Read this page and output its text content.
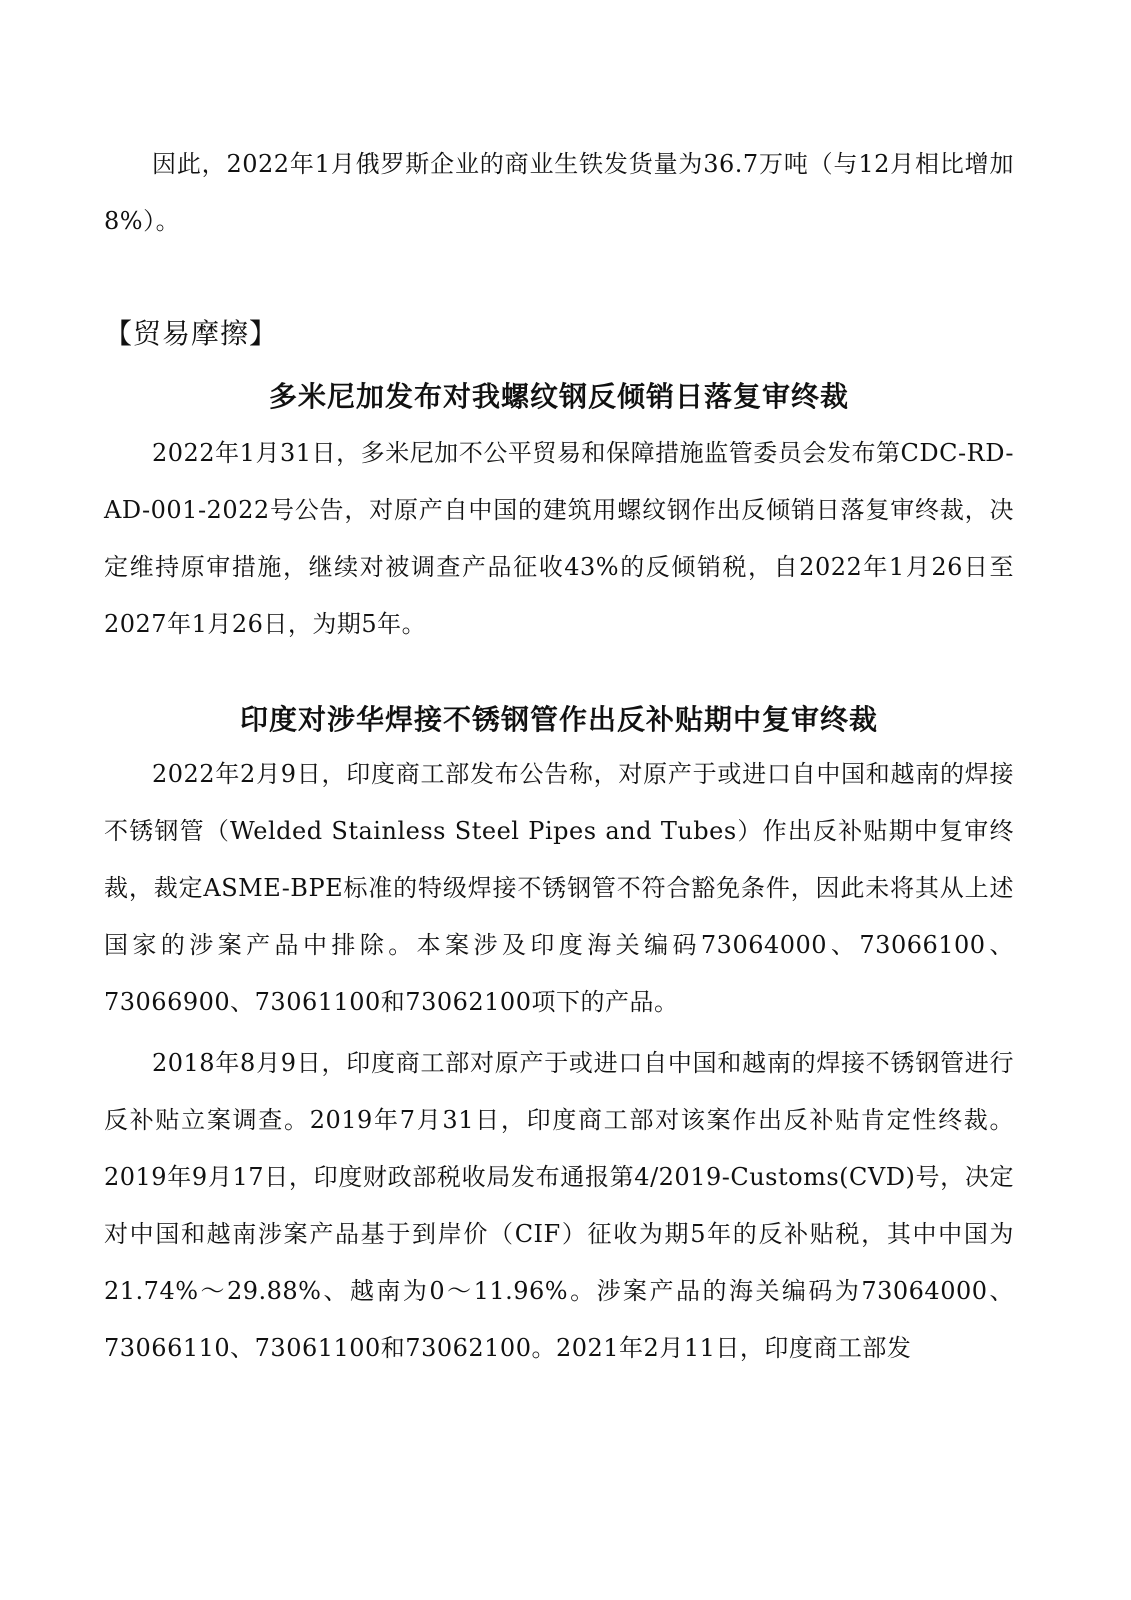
因此，2022年1月俄罗斯企业的商业生铁发货量为36.7万吨（与12月相比增加8%）。

【贸易摩擦】

多米尼加发布对我螺纹钢反倾销日落复审终裁

2022年1月31日，多米尼加不公平贸易和保障措施监管委员会发布第CDC-RD-AD-001-2022号公告，对原产自中国的建筑用螺纹钢作出反倾销日落复审终裁，决定维持原审措施，继续对被调查产品征收43%的反倾销税，自2022年1月26日至2027年1月26日，为期5年。

印度对涉华焊接不锈钢管作出反补贴期中复审终裁

2022年2月9日，印度商工部发布公告称，对原产于或进口自中国和越南的焊接不锈钢管（Welded Stainless Steel Pipes and Tubes）作出反补贴期中复审终裁，裁定ASME-BPE标准的特级焊接不锈钢管不符合豁免条件，因此未将其从上述国家的涉案产品中排除。本案涉及印度海关编码73064000、73066100、73066900、73061100和73062100项下的产品。

2018年8月9日，印度商工部对原产于或进口自中国和越南的焊接不锈钢管进行反补贴立案调查。2019年7月31日，印度商工部对该案作出反补贴肯定性终裁。2019年9月17日，印度财政部税收局发布通报第4/2019-Customs(CVD)号，决定对中国和越南涉案产品基于到岸价（CIF）征收为期5年的反补贴税，其中中国为21.74%～29.88%、越南为0～11.96%。涉案产品的海关编码为73064000、73066110、73061100和73062100。2021年2月11日，印度商工部发
